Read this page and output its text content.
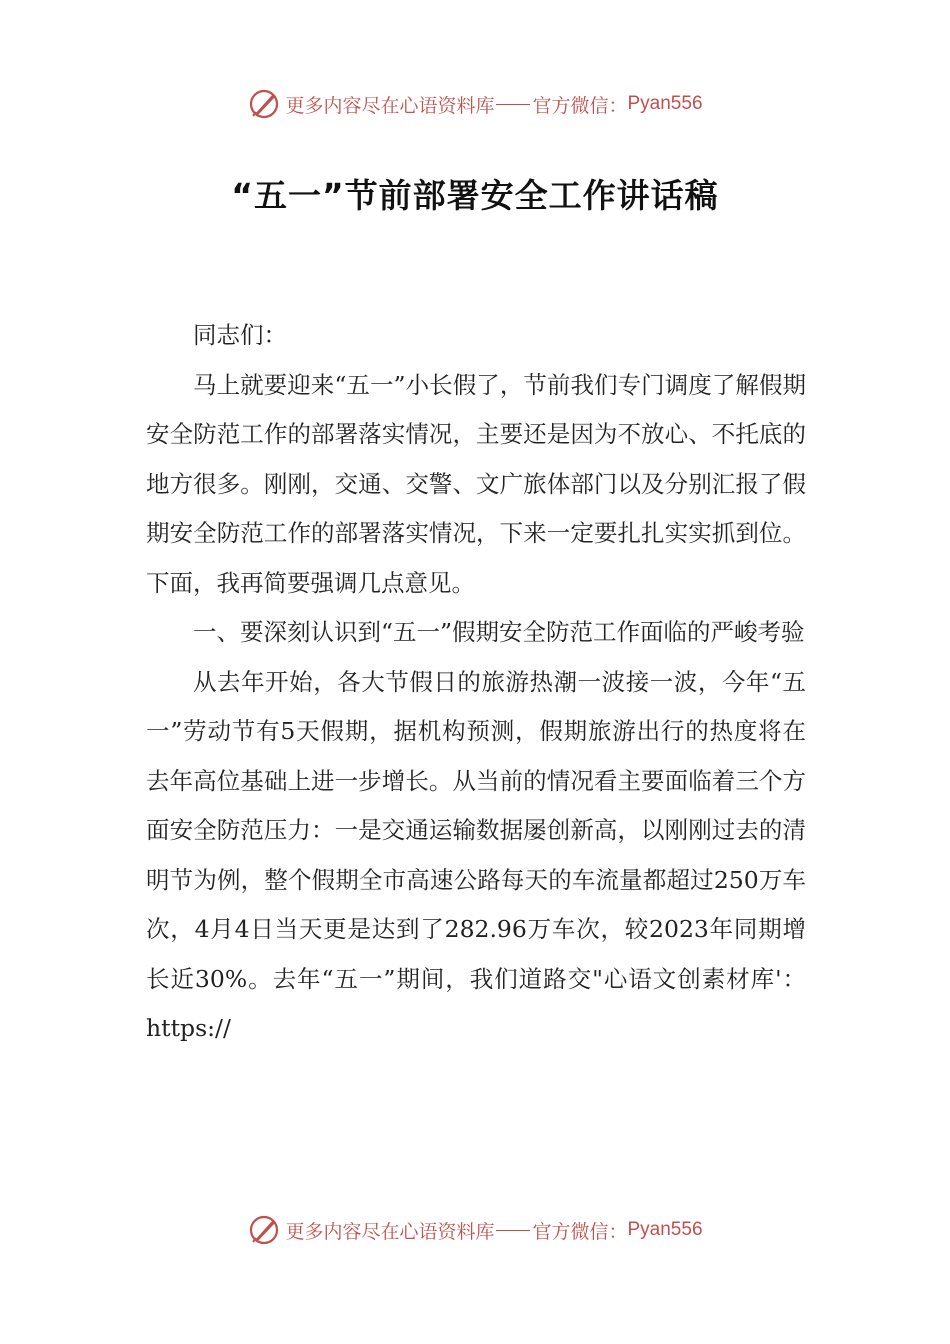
更多内容尽在心语资料库 官方微信： Pyan556
“五一”节前部署安全工作讲话稿

同志们：

马上就要迎来“五一”小长假了，节前我们专门调度了解假期安全防范工作的部署落实情况，主要还是因为不放心、不托底的地方很多。刚刚，交通、交警、文广旅体部门以及分别汇报了假期安全防范工作的部署落实情况，下来一定要扎扎实实抓到位。下面，我再简要强调几点意见。

一、要深刻认识到“五一”假期安全防范工作面临的严峻考验

从去年开始，各大节假日的旅游热潮一波接一波，今年“五一”劳动节有5天假期，据机构预测，假期旅游出行的热度将在去年高位基础上进一步增长。从当前的情况看主要面临着三个方面安全防范压力：一是交通运输数据屡创新高，以刚刚过去的清明节为例，整个假期全市高速公路每天的车流量都超过250万车次，4月4日当天更是达到了282.96万车次，较2023年同期增长近30%。去年“五一”期间，我们道路交"心语文创素材库'：https://

更多内容尽在心语资料库 官方微信： Pyan556
